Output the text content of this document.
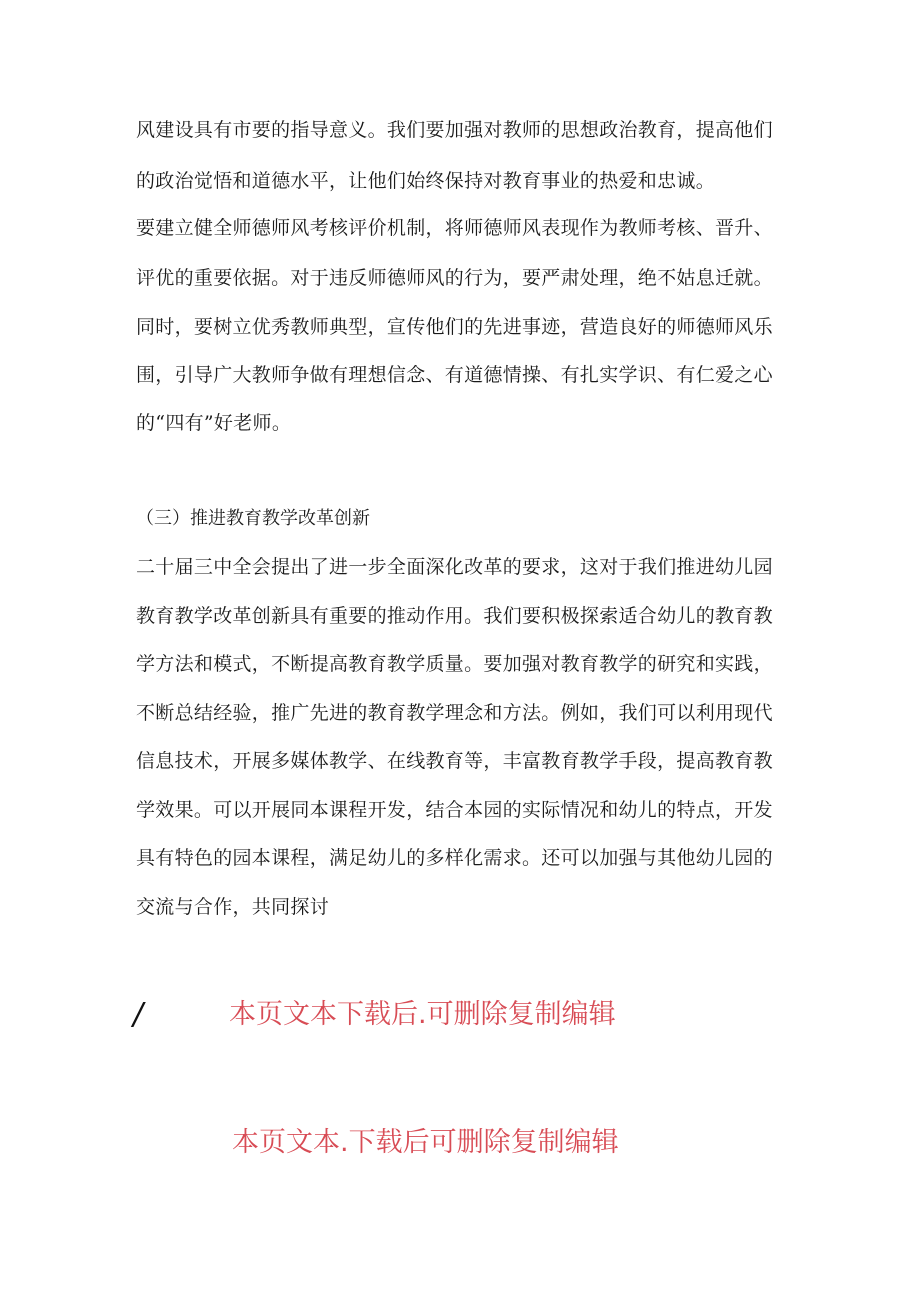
风建设具有市要的指导意义。我们要加强对教师的思想政治教育，提高他们
的政治觉悟和道德水平，让他们始终保持对教育事业的热爱和忠诚。
要建立健全师德师风考核评价机制，将师德师风表现作为教师考核、晋升、
评优的重要依据。对于违反师德师风的行为，要严肃处理，绝不姑息迁就。
同时，要树立优秀教师典型，宣传他们的先进事迹，营造良好的师德师风乐
围，引导广大教师争做有理想信念、有道德情操、有扎实学识、有仁爱之心
的“四有”好老师。
（三）推进教育教学改革创新
二十届三中全会提出了进一步全面深化改革的要求，这对于我们推进幼儿园
教育教学改革创新具有重要的推动作用。我们要积极探索适合幼儿的教育教
学方法和模式，不断提高教育教学质量。要加强对教育教学的研究和实践，
不断总结经验，推广先进的教育教学理念和方法。例如，我们可以利用现代
信息技术，开展多媒体教学、在线教育等，丰富教育教学手段，提高教育教
学效果。可以开展同本课程开发，结合本园的实际情况和幼儿的特点，开发
具有特色的园本课程，满足幼儿的多样化需求。还可以加强与其他幼儿园的
交流与合作，共同探讨
/	本页文本下载后.可删除复制编辑
本页文本.下载后可删除复制编辑
